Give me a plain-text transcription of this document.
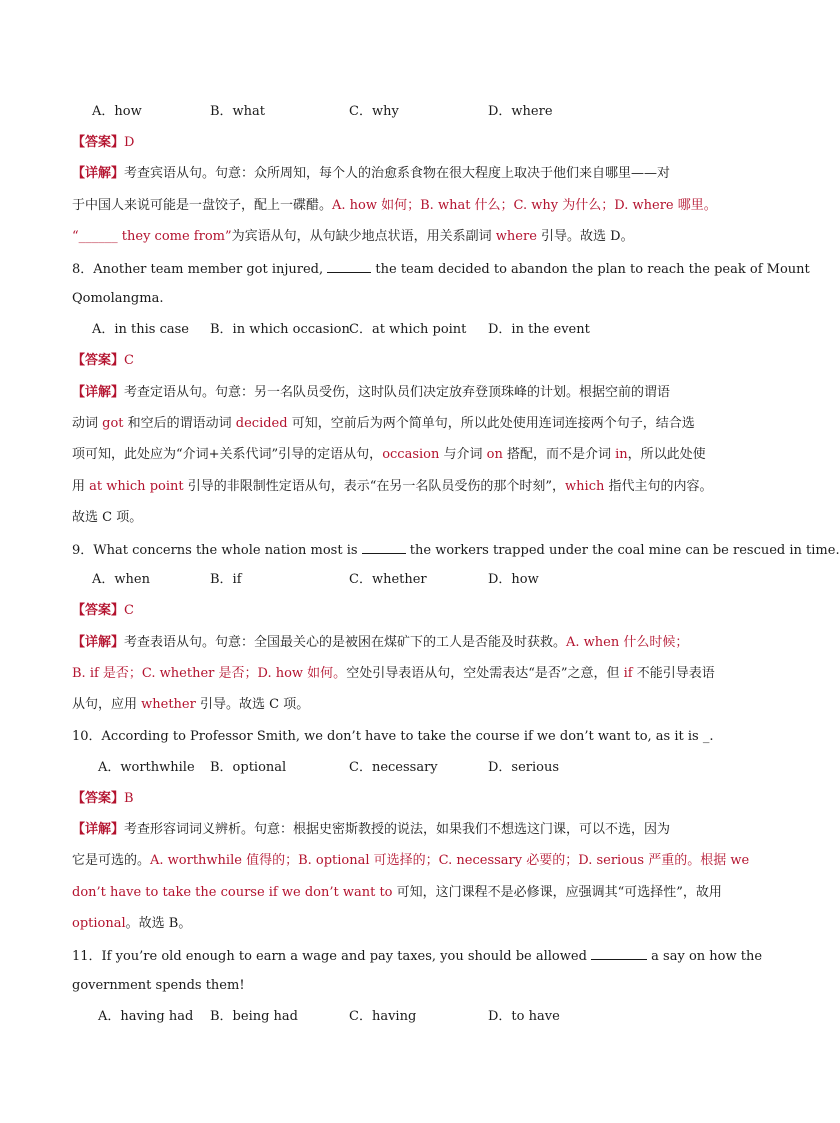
A．how	B．what	C．why	D．where
【答案】D
【详解】考查宾语从句。句意：众所周知，每个人的治愈系食物在很大程度上取决于他们来自哪里——对
于中国人来说可能是一盘饺子，配上一碟醋。A. how 如何；B. what 什么；C. why 为什么；D. where 哪里。
“______ they come from”为宾语从句，从句缺少地点状语，用关系副词 where 引导。故选 D。
8．Another team member got injured,	the team decided to abandon the plan to reach the peak of Mount
Qomolangma.
A．in this case B．in which occasion C．at which point D．in the event
【答案】C
【详解】考查定语从句。句意：另一名队员受伤，这时队员们决定放弃登顶珠峰的计划。根据空前的谓语
动词 got 和空后的谓语动词 decided 可知，空前后为两个简单句，所以此处使用连词连接两个句子，结合选
项可知，此处应为“介词+关系代词”引导的定语从句，occasion 与介词 on 搭配，而不是介词 in，所以此处使
用 at which point 引导的非限制性定语从句，表示“在另一名队员受伤的那个时刻”，which 指代主句的内容。
故选 C 项。
9．What concerns the whole nation most is	the workers trapped under the coal mine can be rescued in time.
A．when	B．if	C．whether	D．how
【答案】C
【详解】考查表语从句。句意：全国最关心的是被困在煤矿下的工人是否能及时获救。A. when 什么时候；
B. if 是否；C. whether 是否；D. how 如何。空处引导表语从句，空处需表达“是否”之意，但 if 不能引导表语
从句，应用 whether 引导。故选 C 项。
10．According to Professor Smith, we don’t have to take the course if we don’t want to, as it is _.
A．worthwhile B．optional	C．necessary	D．serious
【答案】B
【详解】考查形容词词义辨析。句意：根据史密斯教授的说法，如果我们不想选这门课，可以不选，因为
它是可选的。A. worthwhile 值得的；B. optional 可选择的；C. necessary 必要的；D. serious 严重的。根据 we
don’t have to take the course if we don’t want to 可知，这门课程不是必修课，应强调其“可选择性”，故用
optional。故选 B。
11．If you’re old enough to earn a wage and pay taxes, you should be allowed	a say on how the
government spends them!
A．having had B．being had	C．having	D．to have
